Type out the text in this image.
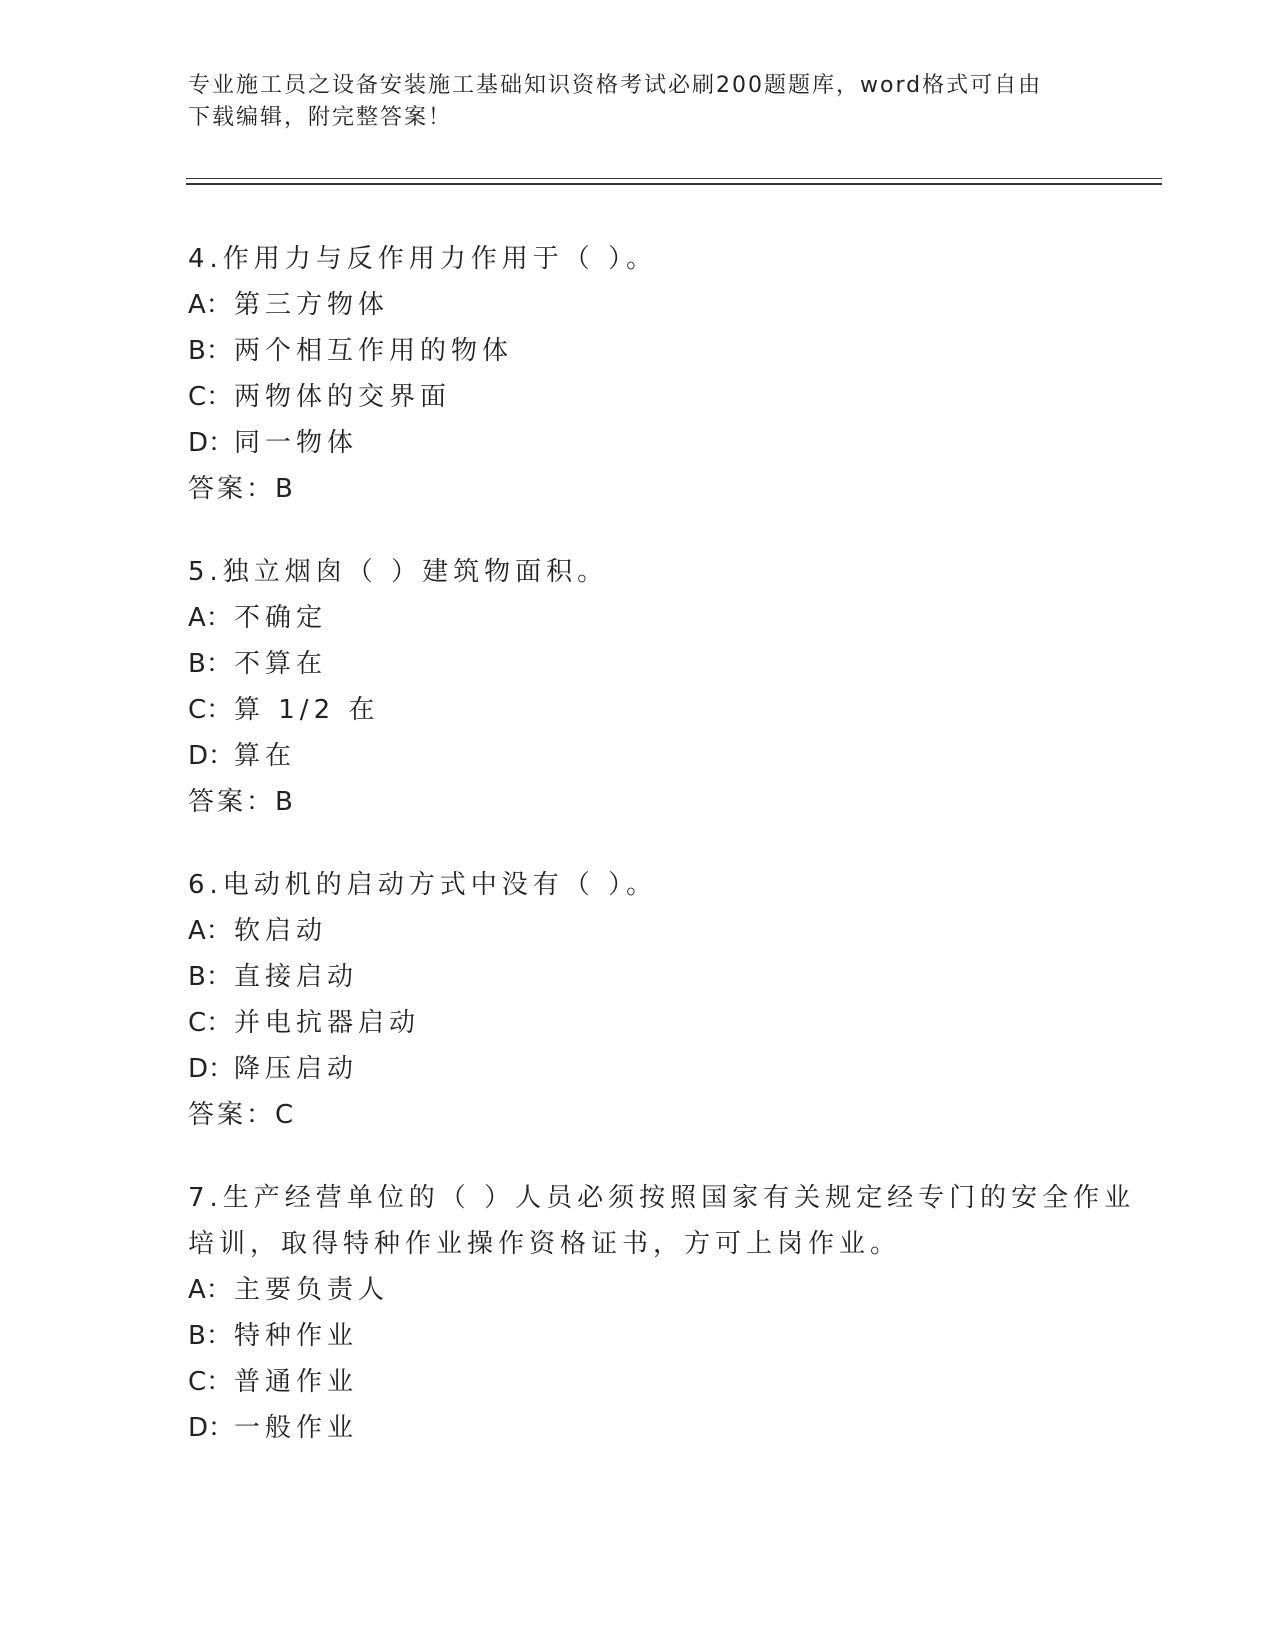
专业施工员之设备安装施工基础知识资格考试必刷200题题库，word格式可自由
下载编辑，附完整答案！
4.作用力与反作用力作用于（ ）。
A：第三方物体
B：两个相互作用的物体
C：两物体的交界面
D：同一物体
答案：B
5.独立烟囱（ ）建筑物面积。
A：不确定
B：不算在
C：算 1/2 在
D：算在
答案：B
6.电动机的启动方式中没有（ ）。
A：软启动
B：直接启动
C：并电抗器启动
D：降压启动
答案：C
7.生产经营单位的（ ）人员必须按照国家有关规定经专门的安全作业
培训，取得特种作业操作资格证书，方可上岗作业。
A：主要负责人
B：特种作业
C：普通作业
D：一般作业
